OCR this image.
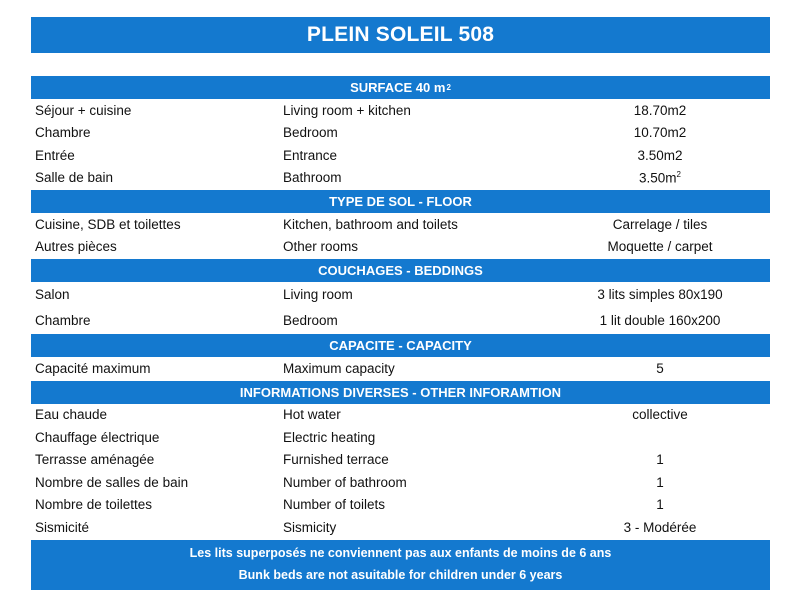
PLEIN SOLEIL 508
SURFACE 40 m 2
Séjour + cuisine	Living room + kitchen	18.70m2
Chambre	Bedroom	10.70m2
Entrée	Entrance	3.50m2
Salle de bain	Bathroom	$3.50m^2$
TYPE DE SOL - FLOOR
Cuisine, SDB et toilettes	Kitchen, bathroom and toilets	Carrelage / tiles
Autres pièces	Other rooms	Moquette / carpet
COUCHAGES - BEDDINGS
Salon	Living room	3 lits simples 80x190
Chambre	Bedroom	1 lit double 160x200
CAPACITE - CAPACITY
Capacité maximum	Maximum capacity	5
INFORMATIONS DIVERSES - OTHER INFORAMTION
Eau chaude	Hot water	collective
Chauffage électrique	Electric heating
Terrasse aménagée	Furnished terrace	1
Nombre de salles de bain	Number of bathroom	1
Nombre de toilettes	Number of toilets	1
Sismicité	Sismicity	3 - Modérée
Les lits superposés ne conviennent pas aux enfants de moins de 6 ans
Bunk beds are not asuitable for children under 6 years
